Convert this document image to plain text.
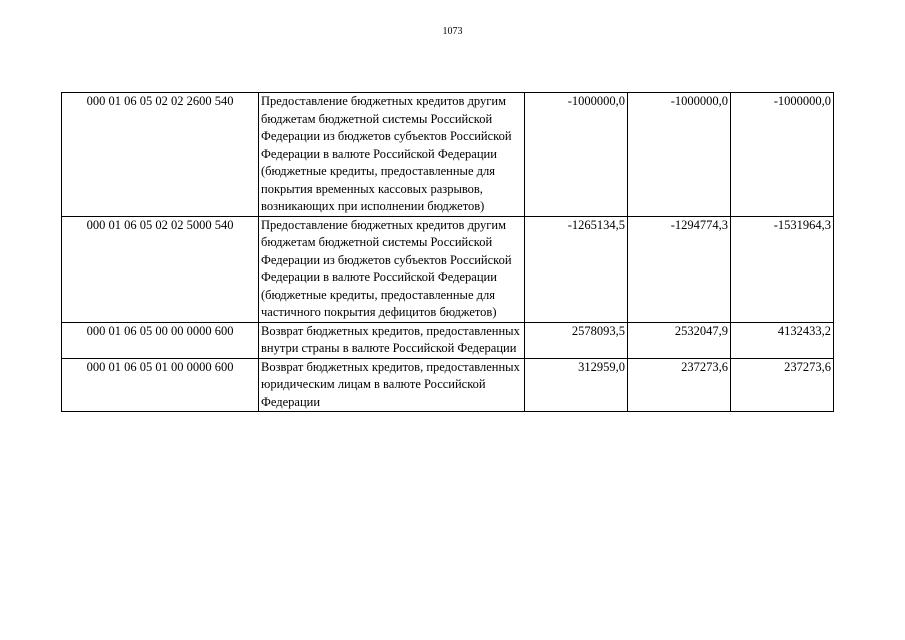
1073
000 01 06 05 02 02 2600 540	Предоставление бюджетных кредитов другим бюджетам бюджетной системы Российской Федерации из бюджетов субъектов Российской Федерации в валюте Российской Федерации (бюджетные кредиты, предоставленные для покрытия временных кассовых разрывов, возникающих при исполнении бюджетов)	-1000000,0	-1000000,0	-1000000,0
000 01 06 05 02 02 5000 540	Предоставление бюджетных кредитов другим бюджетам бюджетной системы Российской Федерации из бюджетов субъектов Российской Федерации в валюте Российской Федерации (бюджетные кредиты, предоставленные для частичного покрытия дефицитов бюджетов)	-1265134,5	-1294774,3	-1531964,3
000 01 06 05 00 00 0000 600	Возврат бюджетных кредитов, предоставленных внутри страны в валюте Российской Федерации	2578093,5	2532047,9	4132433,2
000 01 06 05 01 00 0000 600	Возврат бюджетных кредитов, предоставленных юридическим лицам в валюте Российской Федерации	312959,0	237273,6	237273,6
